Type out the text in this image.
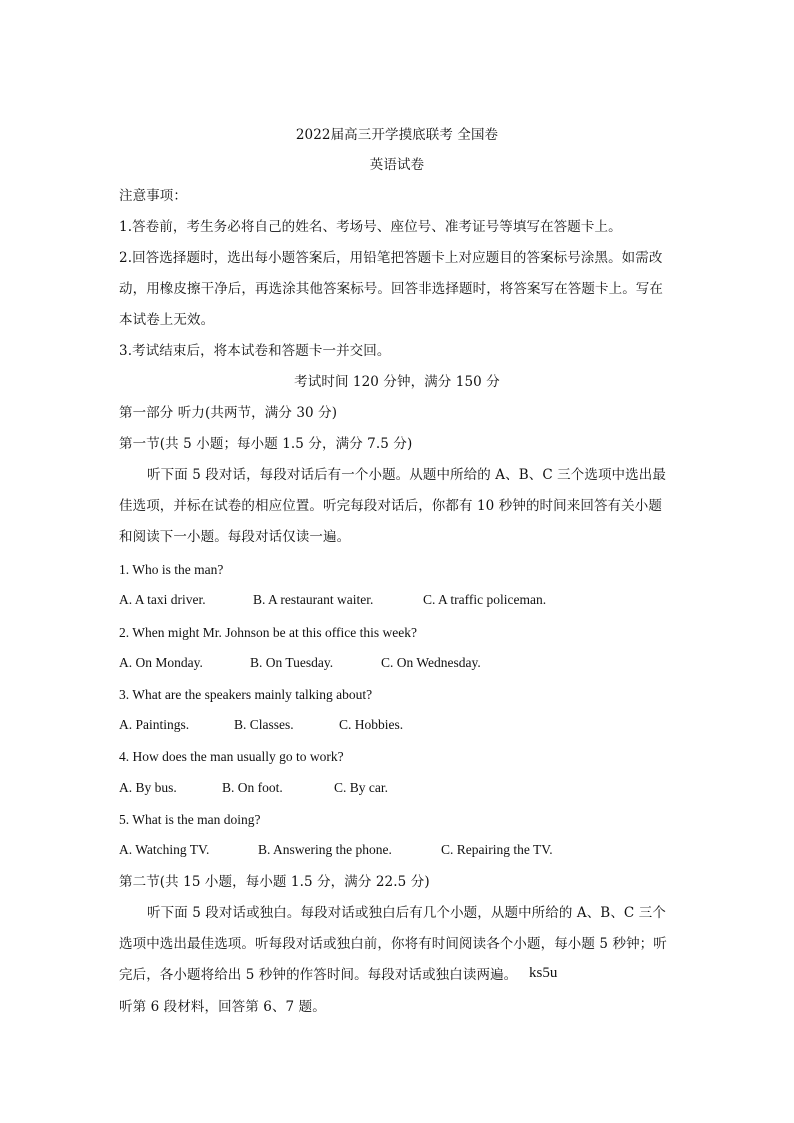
2022届高三开学摸底联考 全国卷
英语试卷
注意事项：
1.答卷前，考生务必将自己的姓名、考场号、座位号、准考证号等填写在答题卡上。
2.回答选择题时，选出每小题答案后，用铅笔把答题卡上对应题目的答案标号涂黑。如需改
动，用橡皮擦干净后，再选涂其他答案标号。回答非选择题时，将答案写在答题卡上。写在
本试卷上无效。
3.考试结束后，将本试卷和答题卡一并交回。
考试时间 120 分钟，满分 150 分
第一部分 听力(共两节，满分 30 分)
第一节(共 5 小题；每小题 1.5 分，满分 7.5 分)
听下面 5 段对话，每段对话后有一个小题。从题中所给的 A、B、C 三个选项中选出最
佳选项，并标在试卷的相应位置。听完每段对话后，你都有 10 秒钟的时间来回答有关小题
和阅读下一小题。每段对话仅读一遍。
1. Who is the man?
A. A taxi driver.	B. A restaurant waiter.	C. A traffic policeman.
2. When might Mr. Johnson be at this office this week?
A. On Monday.	B. On Tuesday.	C. On Wednesday.
3. What are the speakers mainly talking about?
A. Paintings.	B. Classes.	C. Hobbies.
4. How does the man usually go to work?
A. By bus.	B. On foot.	C. By car.
5. What is the man doing?
A. Watching TV.	B. Answering the phone.	C. Repairing the TV.
第二节(共 15 小题，每小题 1.5 分，满分 22.5 分)
听下面 5 段对话或独白。每段对话或独白后有几个小题，从题中所给的 A、B、C 三个
选项中选出最佳选项。听每段对话或独白前，你将有时间阅读各个小题，每小题 5 秒钟；听
完后，各小题将给出 5 秒钟的作答时间。每段对话或独白读两遍。 ks5u
听第 6 段材料，回答第 6、7 题。
